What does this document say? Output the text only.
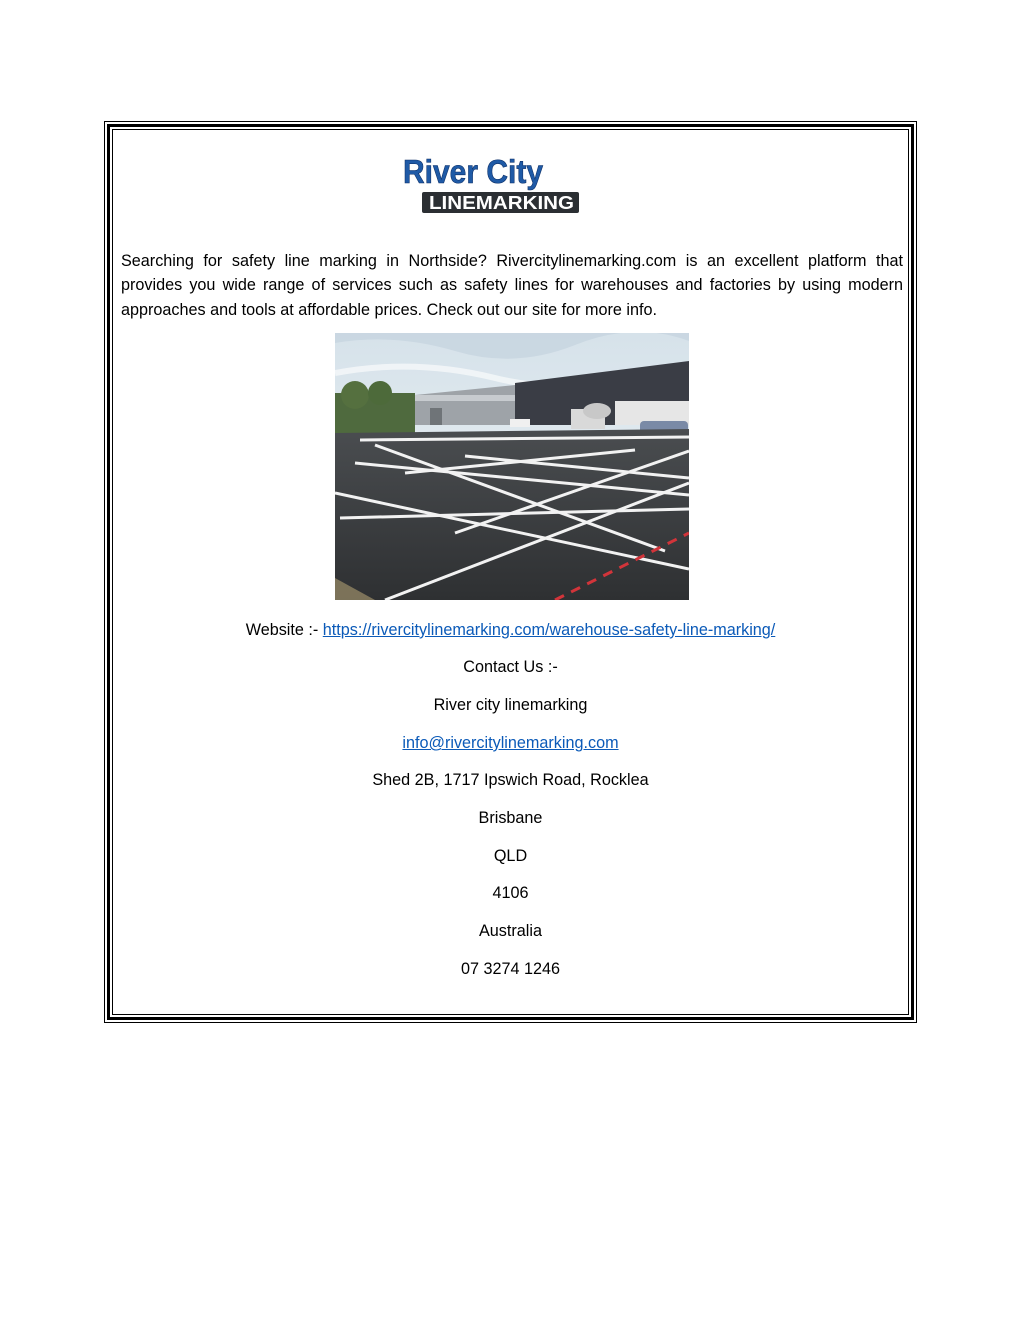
River City
LINEMARKING

Searching for safety line marking in Northside? Rivercitylinemarking.com is an excellent platform that provides you wide range of services such as safety lines for warehouses and factories by using modern approaches and tools at affordable prices. Check out our site for more info.

Website :- https://rivercitylinemarking.com/warehouse-safety-line-marking/

Contact Us :-

River city linemarking

info@rivercitylinemarking.com

Shed 2B, 1717 Ipswich Road, Rocklea

Brisbane

QLD

4106

Australia

07 3274 1246
